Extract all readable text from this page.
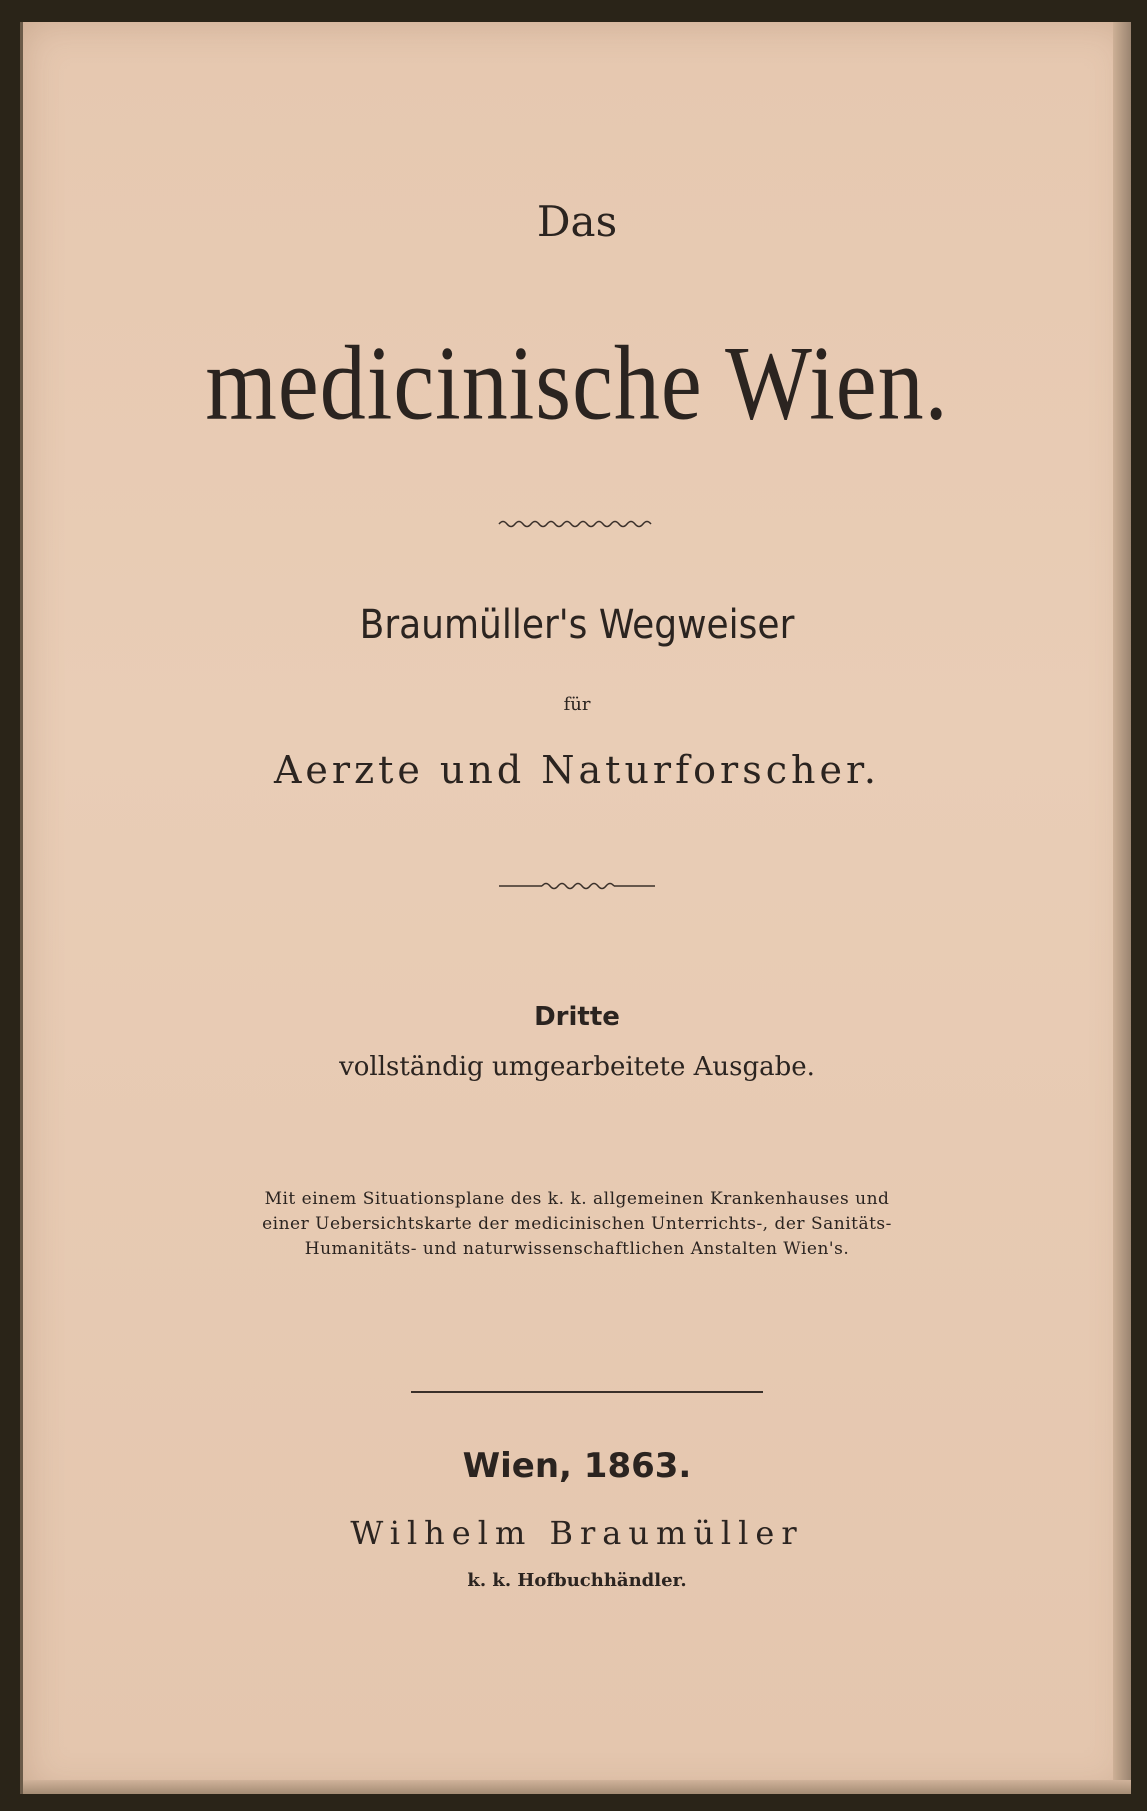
Das
medicinische Wien.
Braumüller's Wegweiser
für
Aerzte und Naturforscher.
Dritte
vollständig umgearbeitete Ausgabe.
Mit einem Situationsplane des k. k. allgemeinen Krankenhauses und
einer Uebersichtskarte der medicinischen Unterrichts-, der Sanitäts-
Humanitäts- und naturwissenschaftlichen Anstalten Wien's.
Wien, 1863.
Wilhelm Braumüller
k. k. Hofbuchhändler.
